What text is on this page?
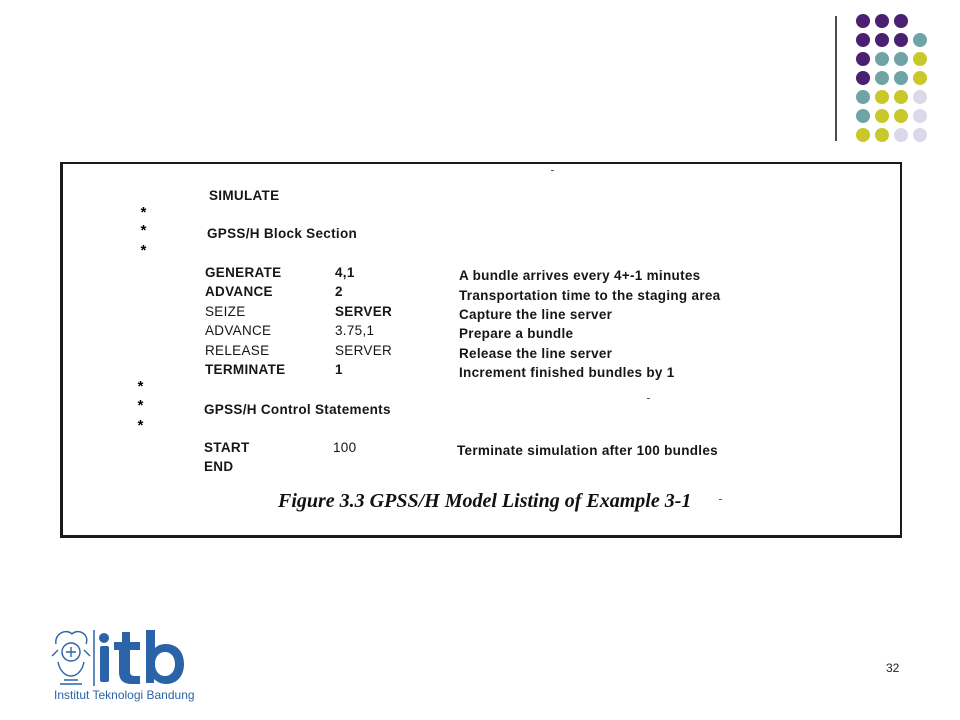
SIMULATE
*
*	GPSS/H Block Section
*
GENERATE	4,1	A bundle arrives every 4+-1 minutes
ADVANCE	2	Transportation time to the staging area
SEIZE	SERVER	Capture the line server
ADVANCE	3.75,1	Prepare a bundle
RELEASE	SERVER	Release the line server
TERMINATE	1	Increment finished bundles by 1
*
*	GPSS/H Control Statements
*
START	100	Terminate simulation after 100 bundles
END
Figure 3.3 GPSS/H Model Listing of Example 3-1
Institut Teknologi Bandung
32
